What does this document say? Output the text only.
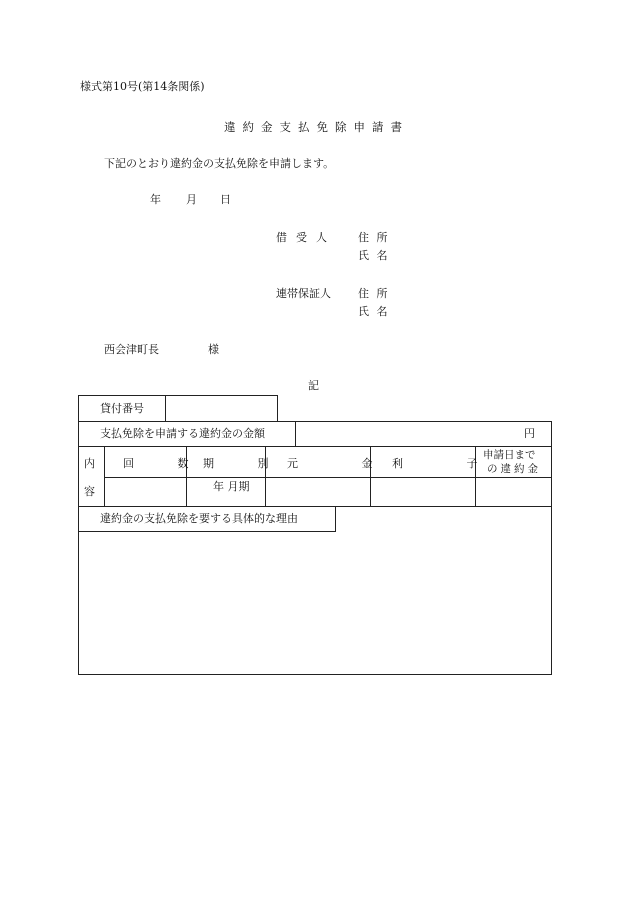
様式第10号(第14条関係)
違約金支払免除申請書
下記のとおり違約金の支払免除を申請します。
年 月 日
借受人 住 所
氏 名
連帯保証人 住 所
氏 名
西会津町長	様
記
貸付番号
支払免除を申請する違約金の金額	円
内
容
回 数
期 別
元 金
利 子
申請日まで
の違約金
年 月期
違約金の支払免除を要する具体的な理由
